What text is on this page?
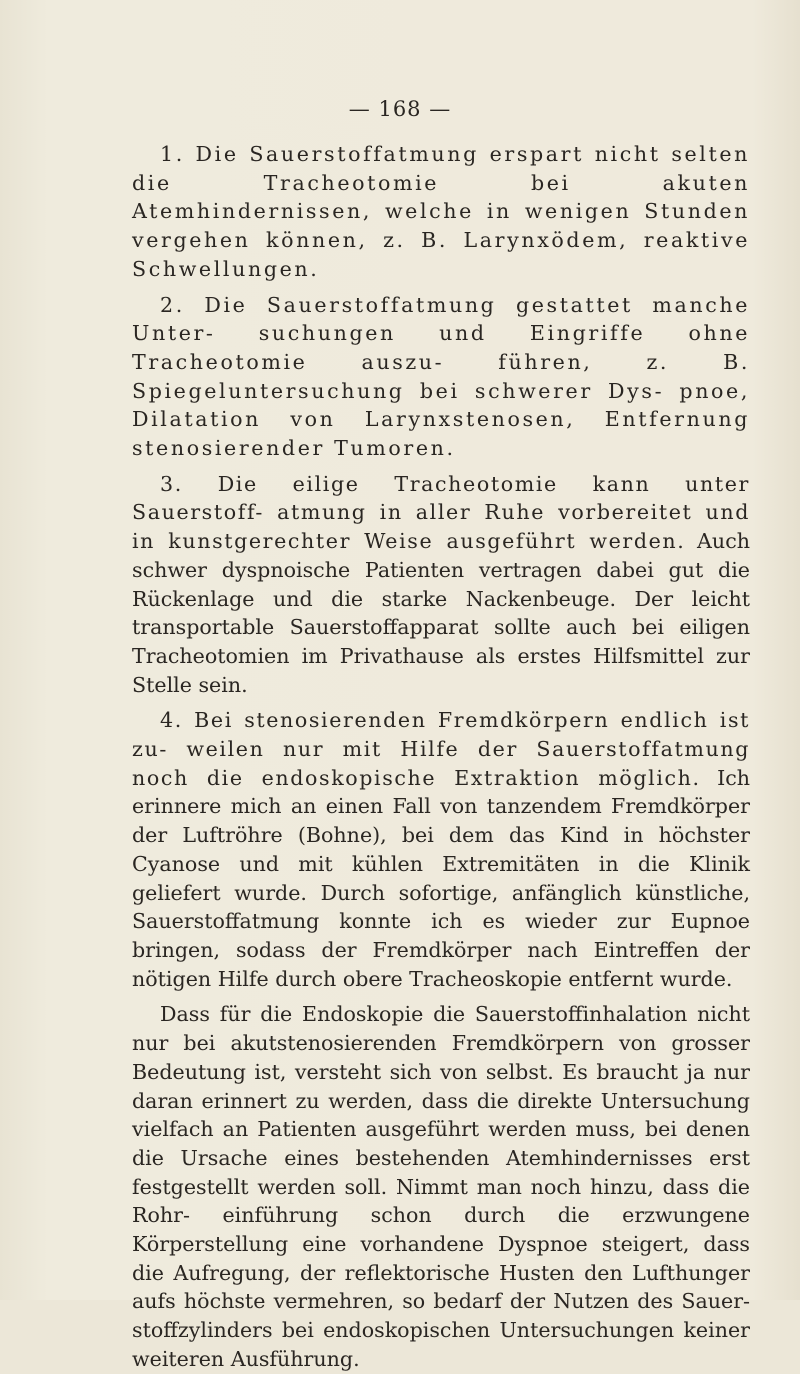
— 168 —

1. Die Sauerstoffatmung erspart nicht selten die Tracheotomie bei akuten Atemhindernissen, welche in wenigen Stunden vergehen können, z. B. Larynxödem, reaktive Schwellungen.

2. Die Sauerstoffatmung gestattet manche Unter- suchungen und Eingriffe ohne Tracheotomie auszu- führen, z. B. Spiegeluntersuchung bei schwerer Dys- pnoe, Dilatation von Larynxstenosen, Entfernung stenosierender Tumoren.

3. Die eilige Tracheotomie kann unter Sauerstoff- atmung in aller Ruhe vorbereitet und in kunstgerechter Weise ausgeführt werden. Auch schwer dyspnoische Patienten vertragen dabei gut die Rückenlage und die starke Nackenbeuge. Der leicht transportable Sauerstoffapparat sollte auch bei eiligen Tracheotomien im Privathause als erstes Hilfsmittel zur Stelle sein.

4. Bei stenosierenden Fremdkörpern endlich ist zu- weilen nur mit Hilfe der Sauerstoffatmung noch die endoskopische Extraktion möglich. Ich erinnere mich an einen Fall von tanzendem Fremdkörper der Luftröhre (Bohne), bei dem das Kind in höchster Cyanose und mit kühlen Extremitäten in die Klinik geliefert wurde. Durch sofortige, anfänglich künstliche, Sauerstoffatmung konnte ich es wieder zur Eupnoe bringen, sodass der Fremdkörper nach Eintreffen der nötigen Hilfe durch obere Tracheoskopie entfernt wurde.

Dass für die Endoskopie die Sauerstoffinhalation nicht nur bei akutstenosierenden Fremdkörpern von grosser Bedeutung ist, versteht sich von selbst. Es braucht ja nur daran erinnert zu werden, dass die direkte Untersuchung vielfach an Patienten ausgeführt werden muss, bei denen die Ursache eines bestehenden Atemhindernisses erst festgestellt werden soll. Nimmt man noch hinzu, dass die Rohr- einführung schon durch die erzwungene Körperstellung eine vorhandene Dyspnoe steigert, dass die Aufregung, der reflektorische Husten den Lufthunger aufs höchste vermehren, so bedarf der Nutzen des Sauer- stoffzylinders bei endoskopischen Untersuchungen keiner weiteren Ausführung.
